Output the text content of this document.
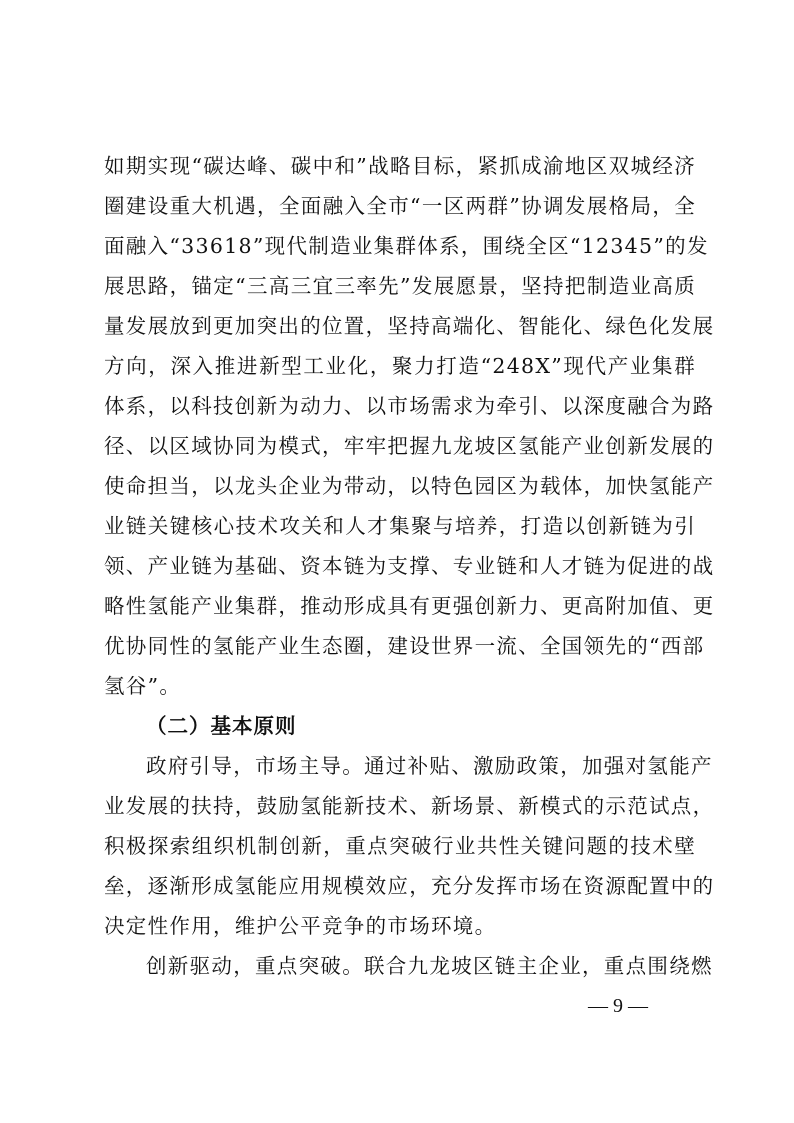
如期实现“碳达峰、碳中和”战略目标，紧抓成渝地区双城经济
圈建设重大机遇，全面融入全市“一区两群”协调发展格局，全
面融入“33618”现代制造业集群体系，围绕全区“12345”的发
展思路，锚定“三高三宜三率先”发展愿景，坚持把制造业高质
量发展放到更加突出的位置，坚持高端化、智能化、绿色化发展
方向，深入推进新型工业化，聚力打造“248X”现代产业集群
体系，以科技创新为动力、以市场需求为牵引、以深度融合为路
径、以区域协同为模式，牢牢把握九龙坡区氢能产业创新发展的
使命担当，以龙头企业为带动，以特色园区为载体，加快氢能产
业链关键核心技术攻关和人才集聚与培养，打造以创新链为引
领、产业链为基础、资本链为支撑、专业链和人才链为促进的战
略性氢能产业集群，推动形成具有更强创新力、更高附加值、更
优协同性的氢能产业生态圈，建设世界一流、全国领先的“西部
氢谷”。
（二）基本原则
政府引导，市场主导。通过补贴、激励政策，加强对氢能产
业发展的扶持，鼓励氢能新技术、新场景、新模式的示范试点，
积极探索组织机制创新，重点突破行业共性关键问题的技术壁
垒，逐渐形成氢能应用规模效应，充分发挥市场在资源配置中的
决定性作用，维护公平竞争的市场环境。
创新驱动，重点突破。联合九龙坡区链主企业，重点围绕燃
— 9 —
